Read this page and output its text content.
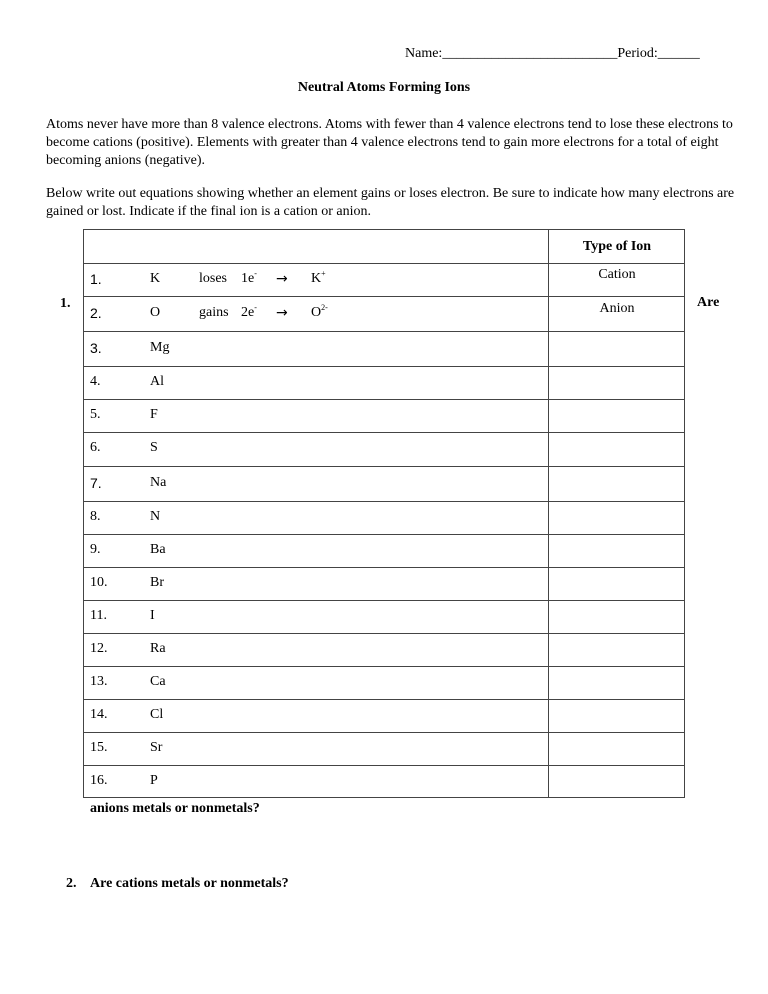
Name:_________________________Period:______
Neutral Atoms Forming Ions
Atoms never have more than 8 valence electrons. Atoms with fewer than 4 valence electrons tend to lose these electrons to become cations (positive). Elements with greater than 4 valence electrons tend to gain more electrons for a total of eight becoming anions (negative).
Below write out equations showing whether an element gains or loses electron. Be sure to indicate how many electrons are gained or lost. Indicate if the final ion is a cation or anion.
Type of Ion
1.	K	loses 1e- → K+	Cation
2.	O	gains $2e^- \to O^{2-}$	Anion
3.	Mg
4.	Al
5.	F
6.	S
7.	Na
8.	N
9.	Ba
10.	Br
11.	I
12.	Ra
13.	Ca
14.	Cl
15.	Sr
16.	P
1.	Are
anions metals or nonmetals?
2. Are cations metals or nonmetals?
